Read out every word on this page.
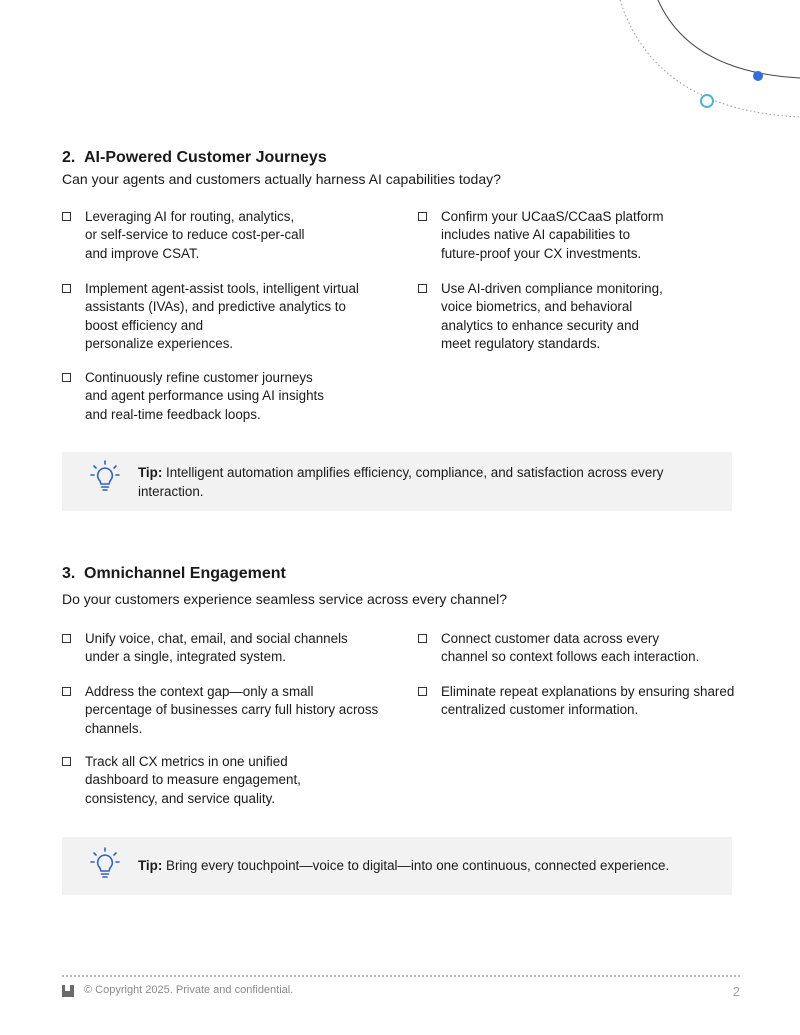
2. AI-Powered Customer Journeys

Can your agents and customers actually harness AI capabilities today?

Leveraging AI for routing, analytics,
or self-service to reduce cost-per-call
and improve CSAT.
Confirm your UCaaS/CCaaS platform
includes native AI capabilities to
future-proof your CX investments.
Implement agent-assist tools, intelligent virtual
assistants (IVAs), and predictive analytics to
boost efficiency and
personalize experiences.
Use AI-driven compliance monitoring,
voice biometrics, and behavioral
analytics to enhance security and
meet regulatory standards.
Continuously refine customer journeys
and agent performance using AI insights
and real-time feedback loops.
Tip: Intelligent automation amplifies efficiency, compliance, and satisfaction across every interaction.
3. Omnichannel Engagement

Do your customers experience seamless service across every channel?

Unify voice, chat, email, and social channels
under a single, integrated system.
Connect customer data across every
channel so context follows each interaction.
Address the context gap—only a small
percentage of businesses carry full history across
channels.
Eliminate repeat explanations by ensuring shared
centralized customer information.
Track all CX metrics in one unified
dashboard to measure engagement,
consistency, and service quality.
Tip: Bring every touchpoint—voice to digital—into one continuous, connected experience.
© Copyright 2025. Private and confidential.	2
